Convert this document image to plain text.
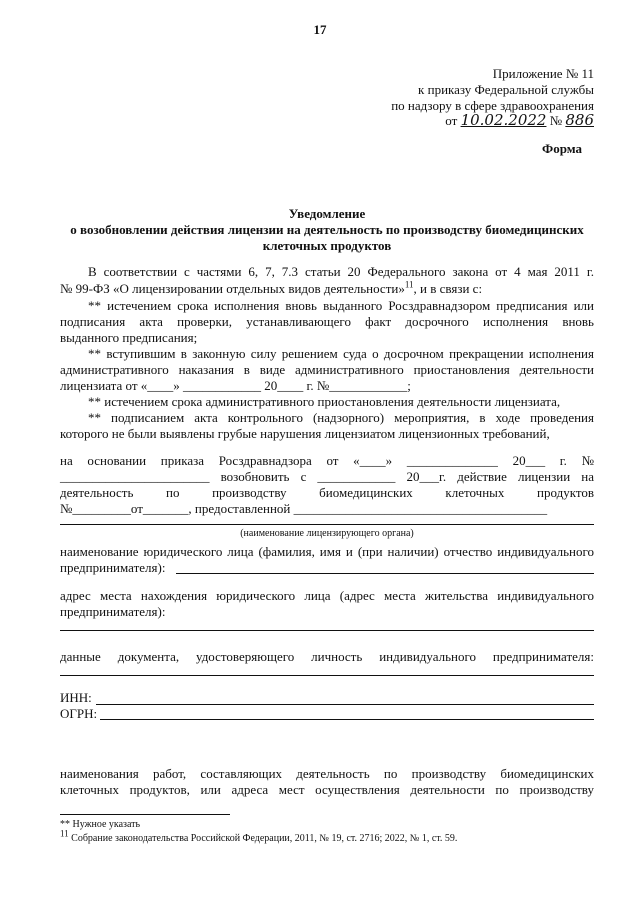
17
Приложение № 11
к приказу Федеральной службы
по надзору в сфере здравоохранения
от 10.02.2022 № 886
Форма
Уведомление
о возобновлении действия лицензии на деятельность по производству биомедицинских
клеточных продуктов
В соответствии с частями 6, 7, 7.3 статьи 20 Федерального закона от 4 мая 2011 г.
№ 99-ФЗ «О лицензировании отдельных видов деятельности»$^{11}$, и в связи с:
** истечением срока исполнения вновь выданного Росздравнадзором предписания или
подписания акта проверки, устанавливающего факт досрочного исполнения вновь
выданного предписания;
** вступившим в законную силу решением суда о досрочном прекращении исполнения
административного наказания в виде административного приостановления деятельности
лицензиата от «____» ____________ 20____ г. №____________;
** истечением срока административного приостановления деятельности лицензиата,
** подписанием акта контрольного (надзорного) мероприятия, в ходе проведения
которого не были выявлены грубые нарушения лицензиатом лицензионных требований,
на основании приказа Росздравнадзора от «____» ______________ 20___ г. №
_______________________ возобновить с ____________ 20___г. действие лицензии на
деятельность по производству биомедицинских клеточных продуктов
№_________от_______, предоставленной _______________________________________
(наименование лицензирующего органа)
наименование юридического лица (фамилия, имя и (при наличии) отчество индивидуального
предпринимателя):
адрес места нахождения юридического лица (адрес места жительства индивидуального
предпринимателя):
данные документа, удостоверяющего личность индивидуального предпринимателя:
ИНН:
ОГРН:
наименования работ, составляющих деятельность по производству биомедицинских
клеточных продуктов, или адреса мест осуществления деятельности по производству
** Нужное указать
11 Собрание законодательства Российской Федерации, 2011, № 19, ст. 2716; 2022, № 1, ст. 59.
